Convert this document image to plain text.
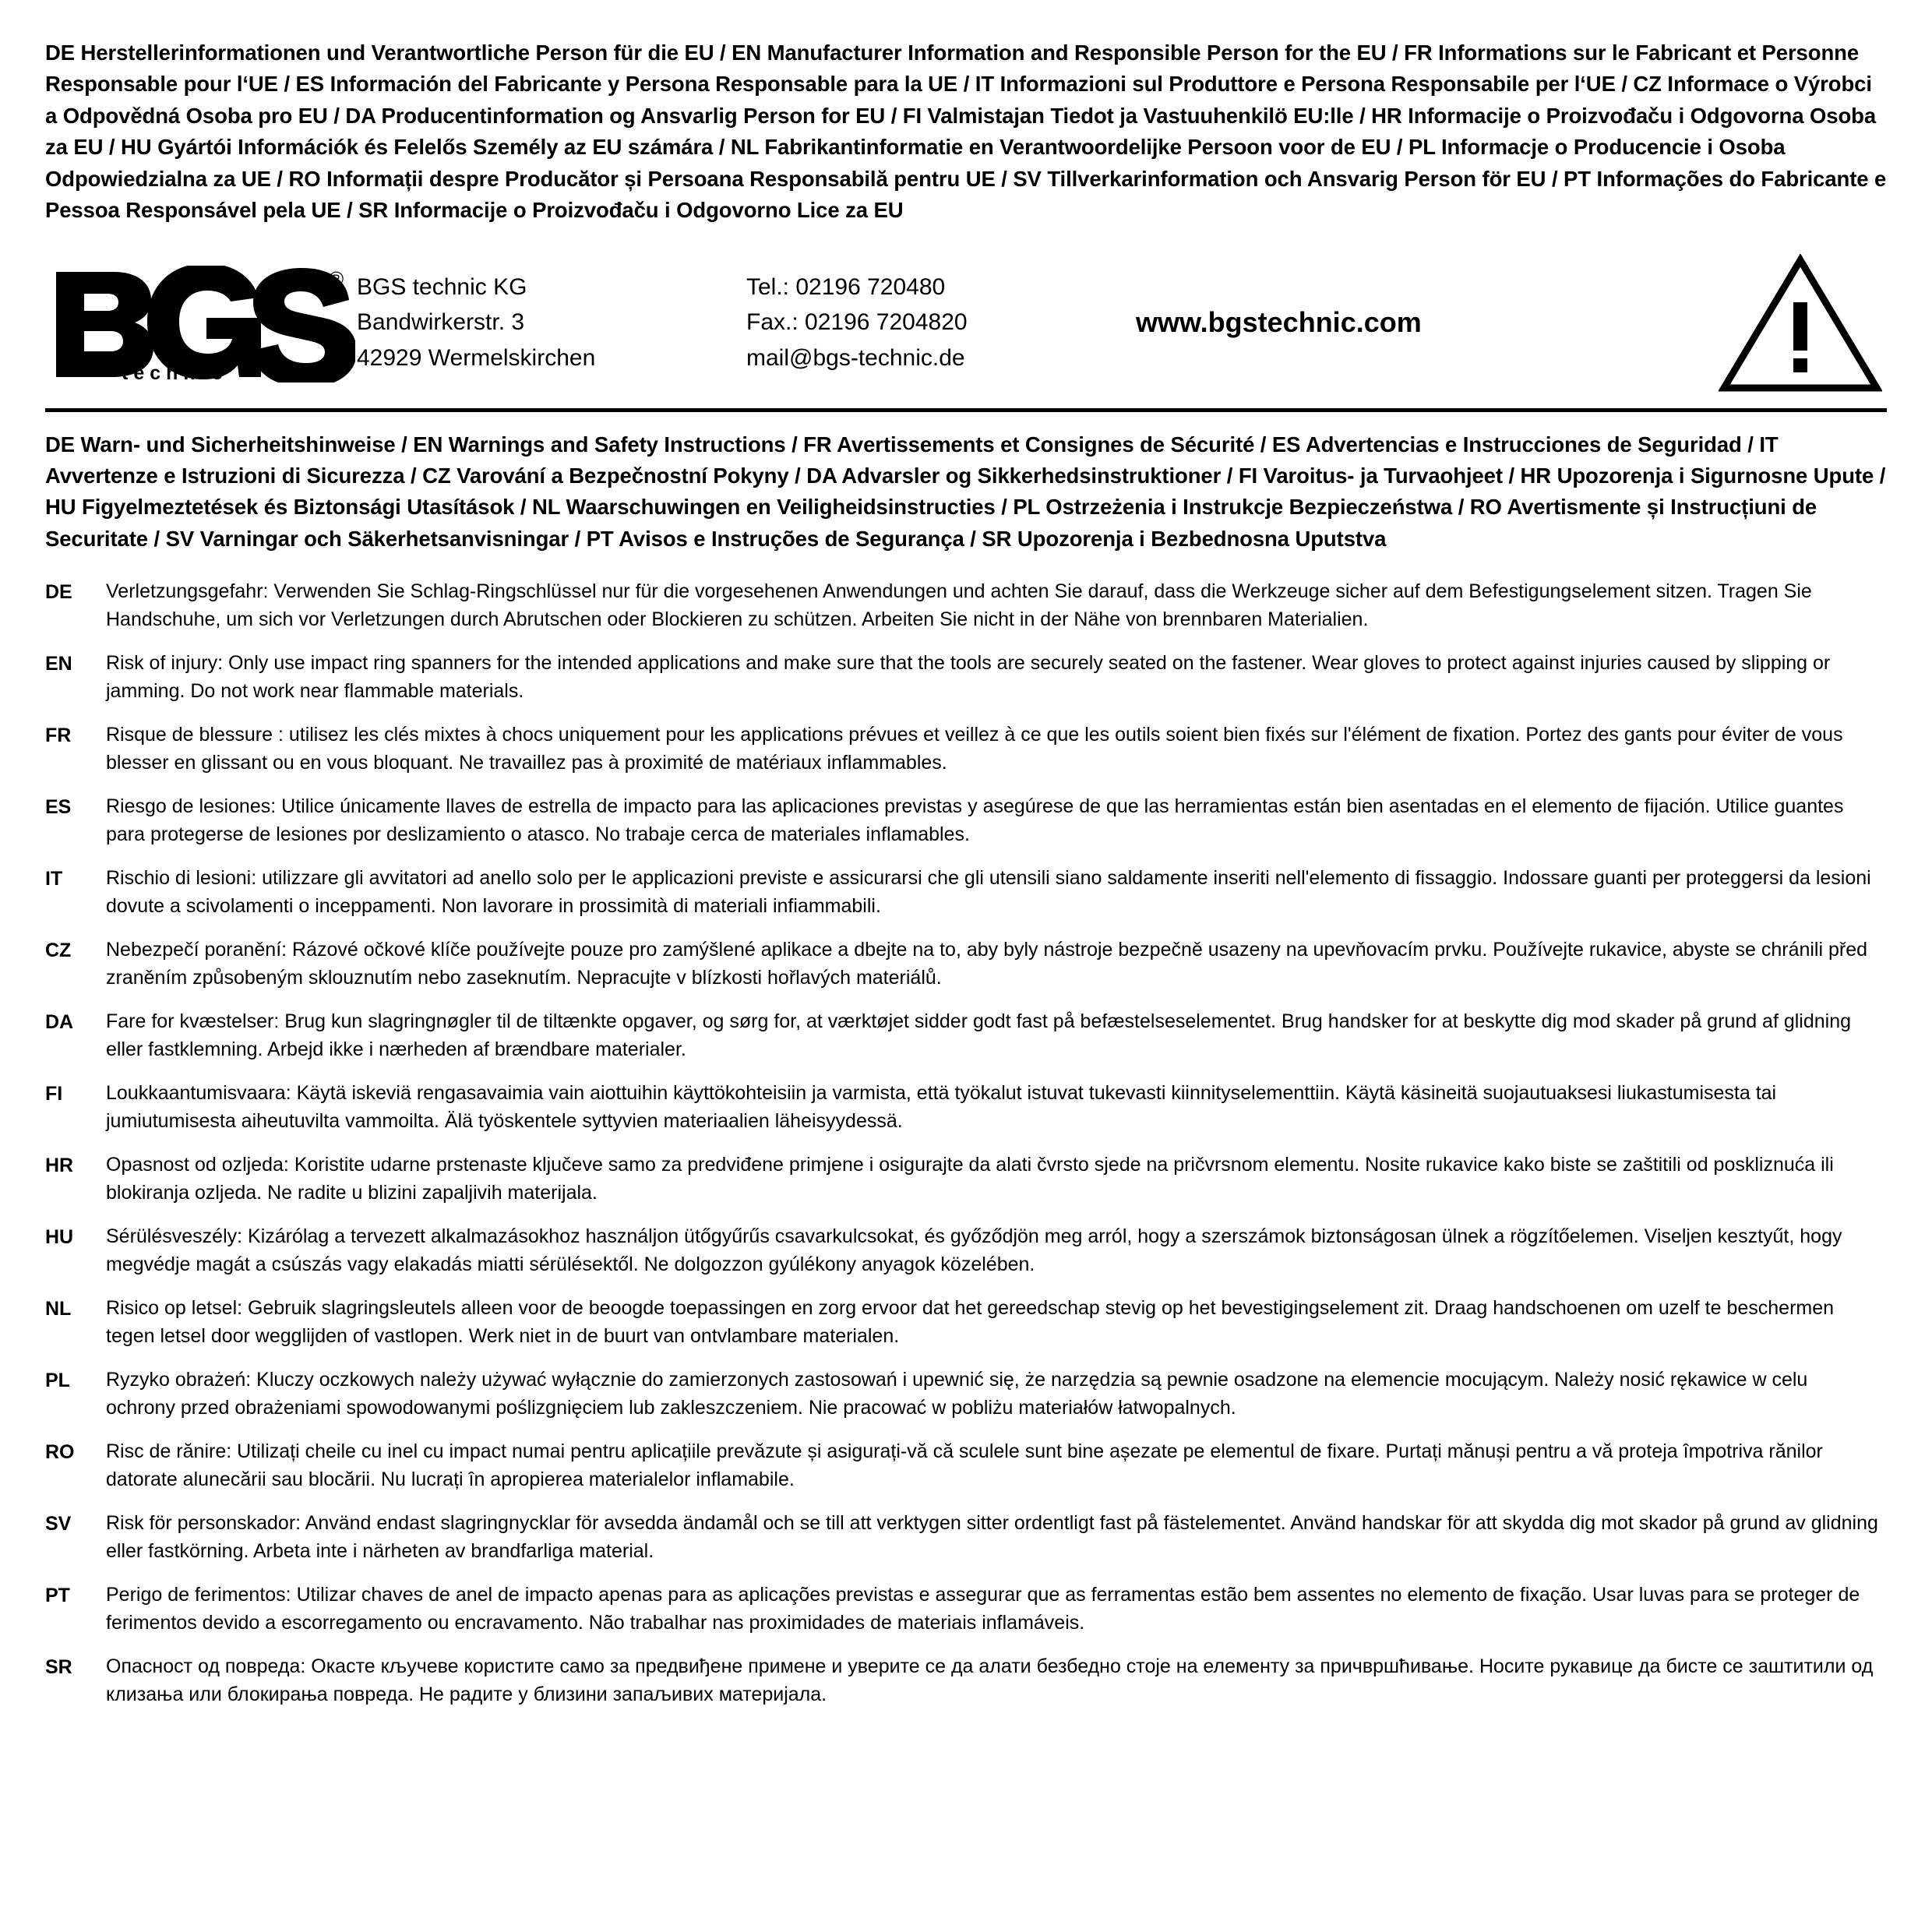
DE Herstellerinformationen und Verantwortliche Person für die EU / EN Manufacturer Information and Responsible Person for the EU / FR Informations sur le Fabricant et Personne Responsable pour l‘UE / ES Información del Fabricante y Persona Responsable para la UE / IT Informazioni sul Produttore e Persona Responsabile per l‘UE / CZ Informace o Výrobci a Odpovědná Osoba pro EU / DA Producentinformation og Ansvarlig Person for EU / FI Valmistajan Tiedot ja Vastuuhenkilö EU:lle / HR Informacije o Proizvođaču i Odgovorna Osoba za EU / HU Gyártói Információk és Felelős Személy az EU számára / NL Fabrikantinformatie en Verantwoordelijke Persoon voor de EU / PL Informacje o Producencie i Osoba Odpowiedzialna za UE / RO Informații despre Producător și Persoana Responsabilă pentru UE / SV Tillverkarinformation och Ansvarig Person för EU / PT Informações do Fabricante e Pessoa Responsável pela UE / SR Informacije o Proizvođaču i Odgovorno Lice za EU
®
technic
BGS technic KG
Bandwirkerstr. 3
42929 Wermelskirchen
Tel.: 02196 720480
Fax.: 02196 7204820
mail@bgs-technic.de
www.bgstechnic.com
DE Warn- und Sicherheitshinweise / EN Warnings and Safety Instructions / FR Avertissements et Consignes de Sécurité / ES Advertencias e Instrucciones de Seguridad / IT Avvertenze e Istruzioni di Sicurezza / CZ Varování a Bezpečnostní Pokyny / DA Advarsler og Sikkerhedsinstruktioner / FI Varoitus- ja Turvaohjeet / HR Upozorenja i Sigurnosne Upute / HU Figyelmeztetések és Biztonsági Utasítások / NL Waarschuwingen en Veiligheidsinstructies / PL Ostrzeżenia i Instrukcje Bezpieczeństwa / RO Avertismente și Instrucțiuni de Securitate / SV Varningar och Säkerhetsanvisningar / PT Avisos e Instruções de Segurança / SR Upozorenja i Bezbednosna Uputstva
DE	Verletzungsgefahr: Verwenden Sie Schlag-Ringschlüssel nur für die vorgesehenen Anwendungen und achten Sie darauf, dass die Werkzeuge sicher auf dem Befestigungselement sitzen. Tragen Sie Handschuhe, um sich vor Verletzungen durch Abrutschen oder Blockieren zu schützen. Arbeiten Sie nicht in der Nähe von brennbaren Materialien.
EN	Risk of injury: Only use impact ring spanners for the intended applications and make sure that the tools are securely seated on the fastener. Wear gloves to protect against injuries caused by slipping or jamming. Do not work near flammable materials.
FR	Risque de blessure : utilisez les clés mixtes à chocs uniquement pour les applications prévues et veillez à ce que les outils soient bien fixés sur l'élément de fixation. Portez des gants pour éviter de vous blesser en glissant ou en vous bloquant. Ne travaillez pas à proximité de matériaux inflammables.
ES	Riesgo de lesiones: Utilice únicamente llaves de estrella de impacto para las aplicaciones previstas y asegúrese de que las herramientas están bien asentadas en el elemento de fijación. Utilice guantes para protegerse de lesiones por deslizamiento o atasco. No trabaje cerca de materiales inflamables.
IT	Rischio di lesioni: utilizzare gli avvitatori ad anello solo per le applicazioni previste e assicurarsi che gli utensili siano saldamente inseriti nell'elemento di fissaggio. Indossare guanti per proteggersi da lesioni dovute a scivolamenti o inceppamenti. Non lavorare in prossimità di materiali infiammabili.
CZ	Nebezpečí poranění: Rázové očkové klíče používejte pouze pro zamýšlené aplikace a dbejte na to, aby byly nástroje bezpečně usazeny na upevňovacím prvku. Používejte rukavice, abyste se chránili před zraněním způsobeným sklouznutím nebo zaseknutím. Nepracujte v blízkosti hořlavých materiálů.
DA	Fare for kvæstelser: Brug kun slagringnøgler til de tiltænkte opgaver, og sørg for, at værktøjet sidder godt fast på befæstelseselementet. Brug handsker for at beskytte dig mod skader på grund af glidning eller fastklemning. Arbejd ikke i nærheden af brændbare materialer.
FI	Loukkaantumisvaara: Käytä iskeviä rengasavaimia vain aiottuihin käyttökohteisiin ja varmista, että työkalut istuvat tukevasti kiinnityselementtiin. Käytä käsineitä suojautuaksesi liukastumisesta tai jumiutumisesta aiheutuvilta vammoilta. Älä työskentele syttyvien materiaalien läheisyydessä.
HR	Opasnost od ozljeda: Koristite udarne prstenaste ključeve samo za predviđene primjene i osigurajte da alati čvrsto sjede na pričvrsnom elementu. Nosite rukavice kako biste se zaštitili od poskliznuća ili blokiranja ozljeda. Ne radite u blizini zapaljivih materijala.
HU	Sérülésveszély: Kizárólag a tervezett alkalmazásokhoz használjon ütőgyűrűs csavarkulcsokat, és győződjön meg arról, hogy a szerszámok biztonságosan ülnek a rögzítőelemen. Viseljen kesztyűt, hogy megvédje magát a csúszás vagy elakadás miatti sérülésektől. Ne dolgozzon gyúlékony anyagok közelében.
NL	Risico op letsel: Gebruik slagringsleutels alleen voor de beoogde toepassingen en zorg ervoor dat het gereedschap stevig op het bevestigingselement zit. Draag handschoenen om uzelf te beschermen tegen letsel door wegglijden of vastlopen. Werk niet in de buurt van ontvlambare materialen.
PL	Ryzyko obrażeń: Kluczy oczkowych należy używać wyłącznie do zamierzonych zastosowań i upewnić się, że narzędzia są pewnie osadzone na elemencie mocującym. Należy nosić rękawice w celu ochrony przed obrażeniami spowodowanymi poślizgnięciem lub zakleszczeniem. Nie pracować w pobliżu materiałów łatwopalnych.
RO	Risc de rănire: Utilizați cheile cu inel cu impact numai pentru aplicațiile prevăzute și asigurați-vă că sculele sunt bine așezate pe elementul de fixare. Purtați mănuși pentru a vă proteja împotriva rănilor datorate alunecării sau blocării. Nu lucrați în apropierea materialelor inflamabile.
SV	Risk för personskador: Använd endast slagringnycklar för avsedda ändamål och se till att verktygen sitter ordentligt fast på fästelementet. Använd handskar för att skydda dig mot skador på grund av glidning eller fastkörning. Arbeta inte i närheten av brandfarliga material.
PT	Perigo de ferimentos: Utilizar chaves de anel de impacto apenas para as aplicações previstas e assegurar que as ferramentas estão bem assentes no elemento de fixação. Usar luvas para se proteger de ferimentos devido a escorregamento ou encravamento. Não trabalhar nas proximidades de materiais inflamáveis.
SR	Опасност од повреда: Окасте кључеве користите само за предвиђене примене и уверите се да алати безбедно стоје на елементу за причвршћивање. Носите рукавице да бисте се заштитили од клизања или блокирања повреда. Не радите у близини запаљивих материјала.
